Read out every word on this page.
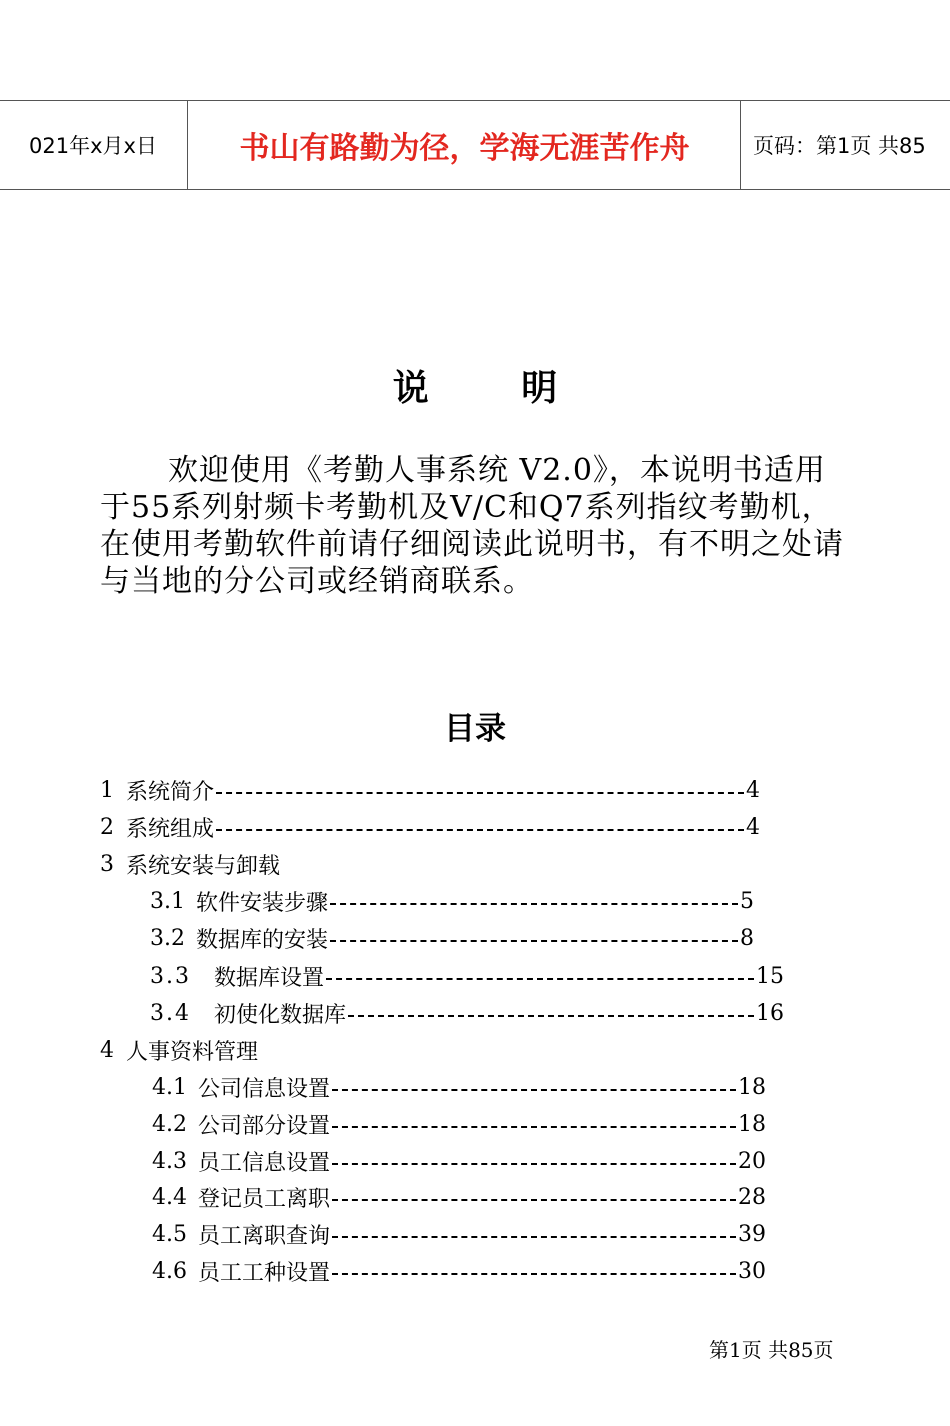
021年x月x日	书山有路勤为径，学海无涯苦作舟	页码：第1页 共85
说 明
欢迎使用《考勤人事系统 V2.0》，本说明书适用于55系列射频卡考勤机及V/C和Q7系列指纹考勤机，在使用考勤软件前请仔细阅读此说明书，有不明之处请与当地的分公司或经销商联系。
目录
1 系统简介	4
2 系统组成	4
3 系统安装与卸载
3.1 软件安装步骤	5
3.2 数据库的安装	8
3.3	数据库设置	15
3.4	初使化数据库	16
4 人事资料管理
4.1 公司信息设置	18
4.2 公司部分设置	18
4.3 员工信息设置	20
4.4 登记员工离职	28
4.5 员工离职查询	39
4.6 员工工种设置	30
第1页 共85页
